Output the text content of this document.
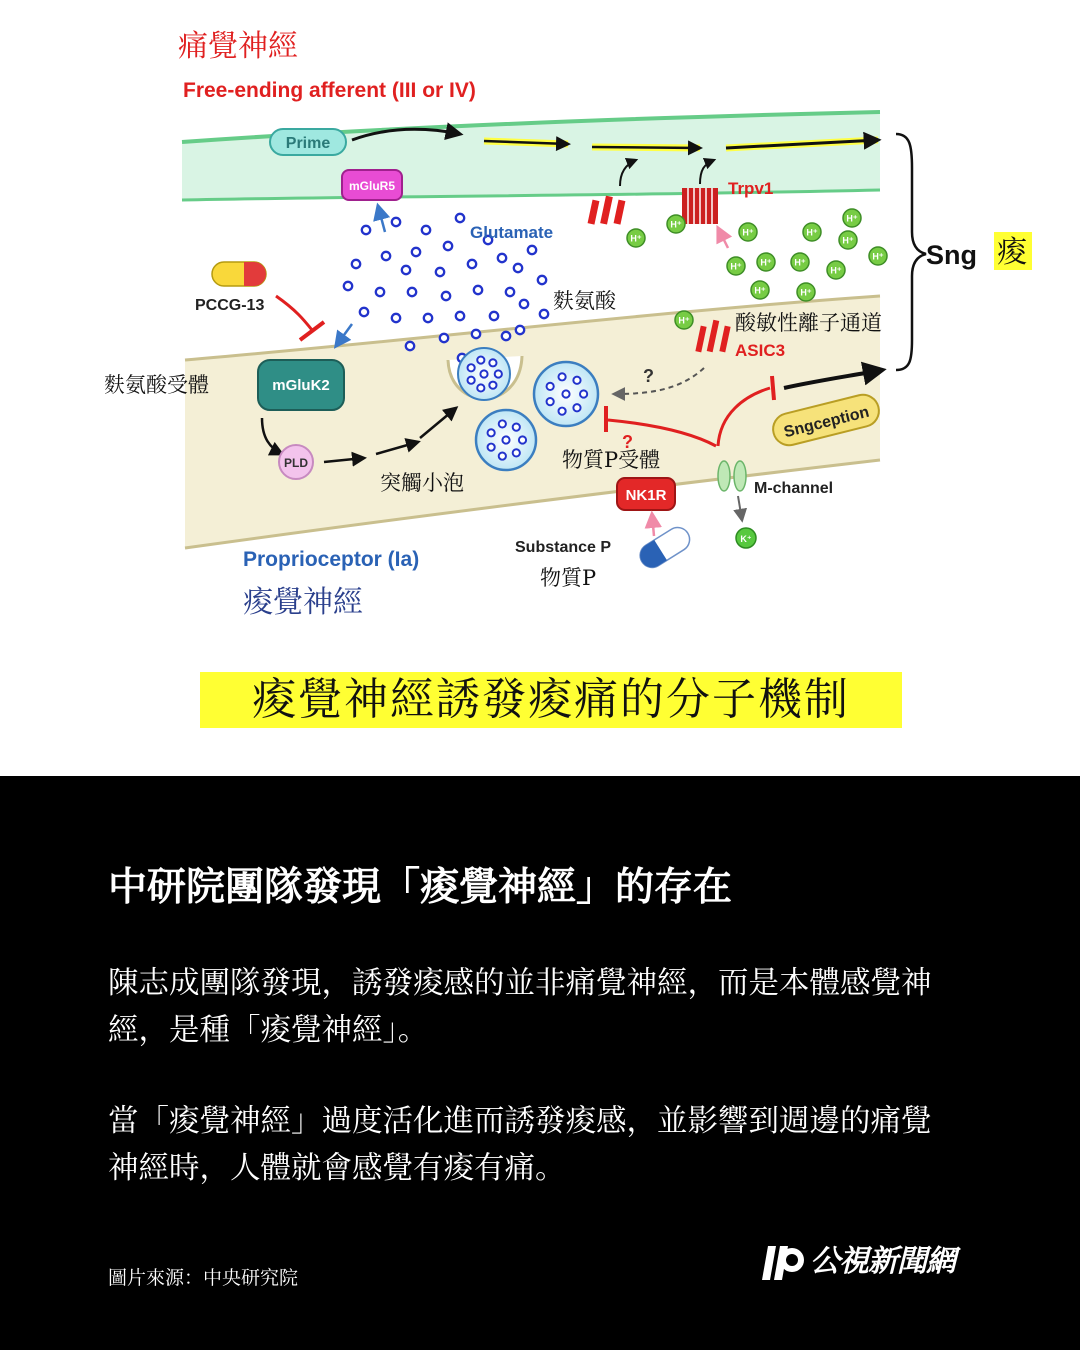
痛覺神經
Free-ending afferent (III or IV)
Prime
mGluR5	Trpv1
Glutamate
麩氨酸
H⁺
H⁺
H⁺	H⁺
H⁺
H⁺
H⁺
H⁺ H⁺	H⁺
H⁺
H⁺	H⁺
H⁺
Sng 痠
PCCG-13
酸敏性離子通道
ASIC3
麩氨酸受體	mGluK2	?
?
Sngception
PLD
突觸小泡
物質P受體
NK1R	M-channel
K⁺
Substance P
物質P
Proprioceptor (Ia)
痠覺神經
痠覺神經誘發痠痛的分子機制
中研院團隊發現「痠覺神經」的存在
陳志成團隊發現，誘發痠感的並非痛覺神經，而是本體感覺神經，是種「痠覺神經」。
當「痠覺神經」過度活化進而誘發痠感，並影響到週邊的痛覺神經時，人體就會感覺有痠有痛。
圖片來源：中央研究院	公視新聞網
